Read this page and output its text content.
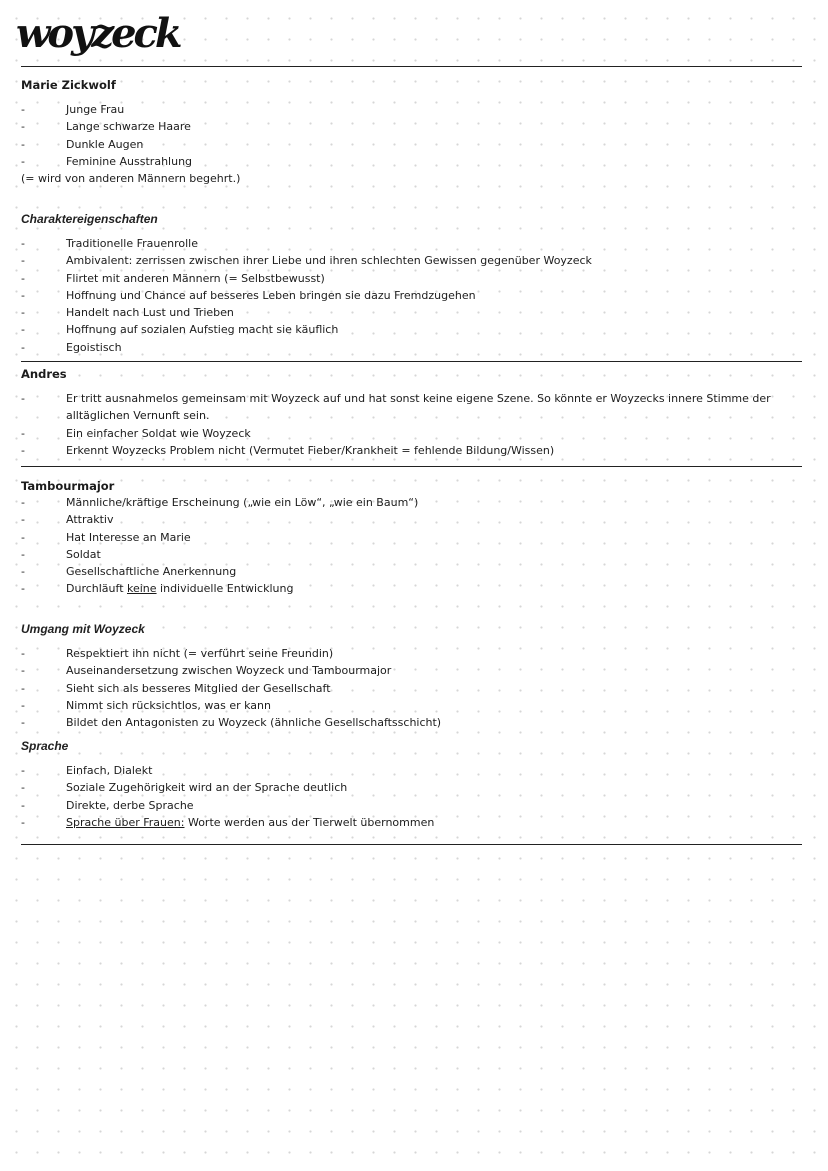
woyzeck
Marie Zickwolf
-	Junge Frau
-	Lange schwarze Haare
-	Dunkle Augen
-	Feminine Ausstrahlung

(= wird von anderen Männern begehrt.)

Charaktereigenschaften
-	Traditionelle Frauenrolle
-	Ambivalent: zerrissen zwischen ihrer Liebe und ihren schlechten Gewissen gegenüber Woyzeck
-	Flirtet mit anderen Männern (= Selbstbewusst)
-	Hoffnung und Chance auf besseres Leben bringen sie dazu Fremdzugehen
-	Handelt nach Lust und Trieben
-	Hoffnung auf sozialen Aufstieg macht sie käuflich
-	Egoistisch
Andres
-	Er tritt ausnahmelos gemeinsam mit Woyzeck auf und hat sonst keine eigene Szene. So könnte er Woyzecks innere Stimme der alltäglichen Vernunft sein.
-	Ein einfacher Soldat wie Woyzeck
-	Erkennt Woyzecks Problem nicht (Vermutet Fieber/Krankheit = fehlende Bildung/Wissen)
Tambourmajor
-	Männliche/kräftige Erscheinung („wie ein Löw“, „wie ein Baum“)
-	Attraktiv
-	Hat Interesse an Marie
-	Soldat
-	Gesellschaftliche Anerkennung
-	Durchläuft keine individuelle Entwicklung
Umgang mit Woyzeck
-	Respektiert ihn nicht (= verführt seine Freundin)
-	Auseinandersetzung zwischen Woyzeck und Tambourmajor
-	Sieht sich als besseres Mitglied der Gesellschaft
-	Nimmt sich rücksichtlos, was er kann
-	Bildet den Antagonisten zu Woyzeck (ähnliche Gesellschaftsschicht)
Sprache
-	Einfach, Dialekt
-	Soziale Zugehörigkeit wird an der Sprache deutlich
-	Direkte, derbe Sprache
-	Sprache über Frauen: Worte werden aus der Tierwelt übernommen
